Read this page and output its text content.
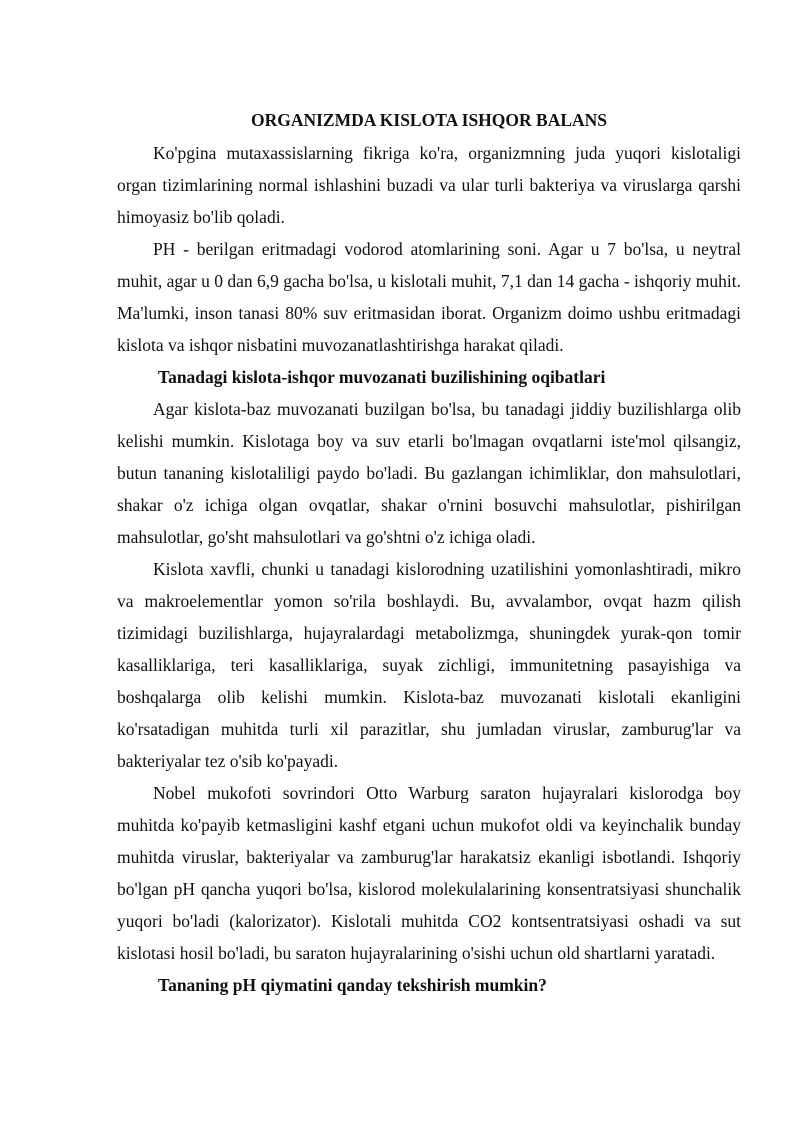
ORGANIZMDA KISLOTA ISHQOR BALANS

Ko'pgina mutaxassislarning fikriga ko'ra, organizmning juda yuqori kislotaligi organ tizimlarining normal ishlashini buzadi va ular turli bakteriya va viruslarga qarshi himoyasiz bo'lib qoladi.

PH - berilgan eritmadagi vodorod atomlarining soni. Agar u 7 bo'lsa, u neytral muhit, agar u 0 dan 6,9 gacha bo'lsa, u kislotali muhit, 7,1 dan 14 gacha - ishqoriy muhit. Ma'lumki, inson tanasi 80% suv eritmasidan iborat. Organizm doimo ushbu eritmadagi kislota va ishqor nisbatini muvozanatlashtirishga harakat qiladi.

Tanadagi kislota-ishqor muvozanati buzilishining oqibatlari

Agar kislota-baz muvozanati buzilgan bo'lsa, bu tanadagi jiddiy buzilishlarga olib kelishi mumkin. Kislotaga boy va suv etarli bo'lmagan ovqatlarni iste'mol qilsangiz, butun tananing kislotaliligi paydo bo'ladi. Bu gazlangan ichimliklar, don mahsulotlari, shakar o'z ichiga olgan ovqatlar, shakar o'rnini bosuvchi mahsulotlar, pishirilgan mahsulotlar, go'sht mahsulotlari va go'shtni o'z ichiga oladi.

Kislota xavfli, chunki u tanadagi kislorodning uzatilishini yomonlashtiradi, mikro va makroelementlar yomon so'rila boshlaydi. Bu, avvalambor, ovqat hazm qilish tizimidagi buzilishlarga, hujayralardagi metabolizmga, shuningdek yurak-qon tomir kasalliklariga, teri kasalliklariga, suyak zichligi, immunitetning pasayishiga va boshqalarga olib kelishi mumkin. Kislota-baz muvozanati kislotali ekanligini ko'rsatadigan muhitda turli xil parazitlar, shu jumladan viruslar, zamburug'lar va bakteriyalar tez o'sib ko'payadi.

Nobel mukofoti sovrindori Otto Warburg saraton hujayralari kislorodga boy muhitda ko'payib ketmasligini kashf etgani uchun mukofot oldi va keyinchalik bunday muhitda viruslar, bakteriyalar va zamburug'lar harakatsiz ekanligi isbotlandi. Ishqoriy bo'lgan pH qancha yuqori bo'lsa, kislorod molekulalarining konsentratsiyasi shunchalik yuqori bo'ladi (kalorizator). Kislotali muhitda CO2 kontsentratsiyasi oshadi va sut kislotasi hosil bo'ladi, bu saraton hujayralarining o'sishi uchun old shartlarni yaratadi.

Tananing pH qiymatini qanday tekshirish mumkin?
